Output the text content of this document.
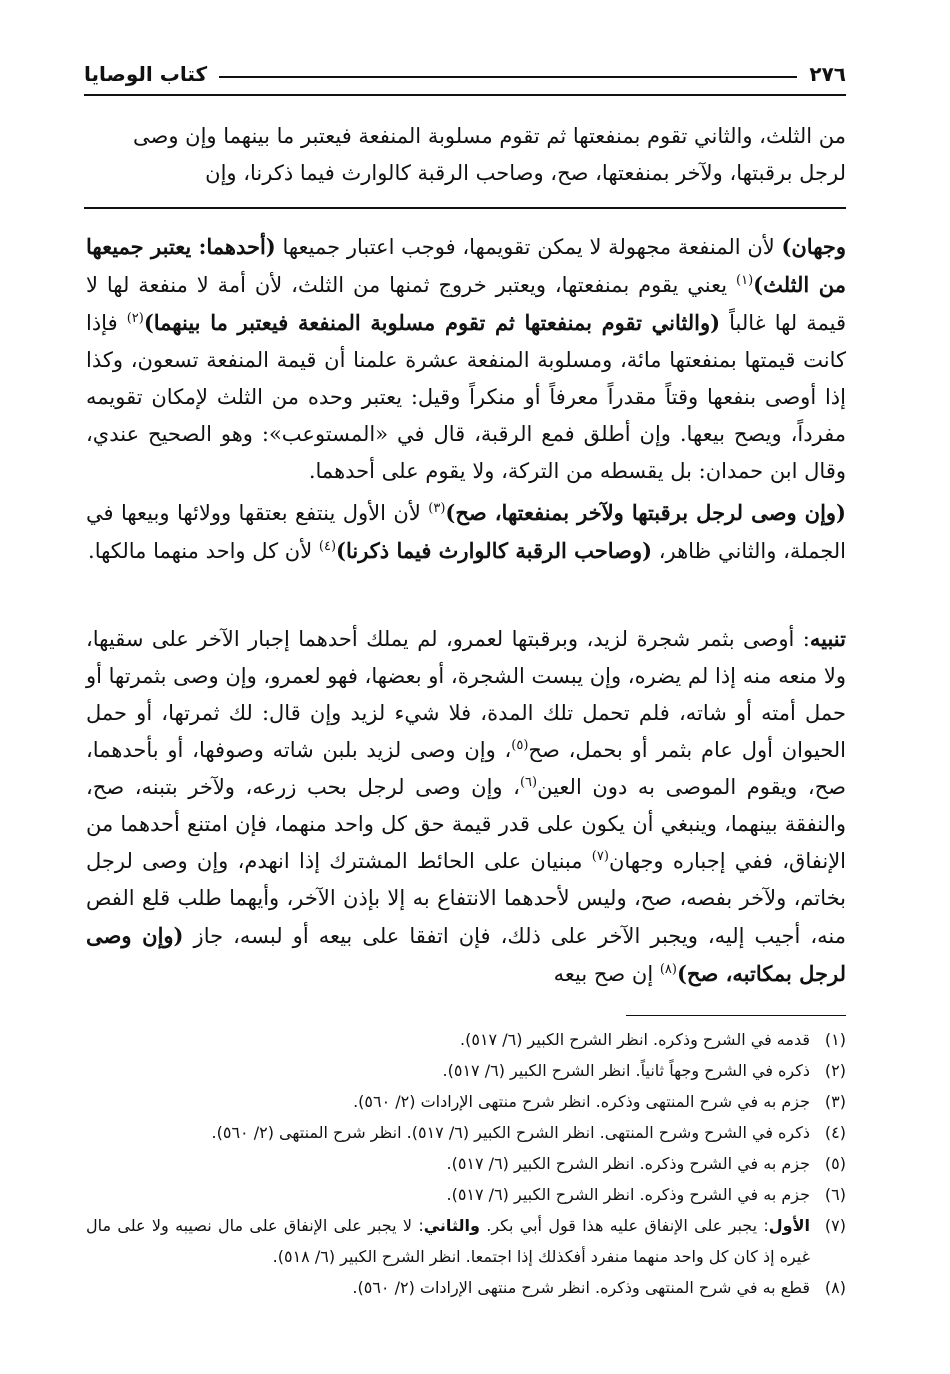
٢٧٦
كتاب الوصايا

من الثلث، والثاني تقوم بمنفعتها ثم تقوم مسلوبة المنفعة فيعتبر ما بينهما وإن وصى

لرجل برقبتها، ولآخر بمنفعتها، صح، وصاحب الرقبة كالوارث فيما ذكرنا، وإن

وجهان) لأن المنفعة مجهولة لا يمكن تقويمها، فوجب اعتبار جميعها (أحدهما: يعتبر جميعها من الثلث)$^{(١)}$ يعني يقوم بمنفعتها، ويعتبر خروج ثمنها من الثلث، لأن أمة لا منفعة لها لا قيمة لها غالباً (والثاني تقوم بمنفعتها ثم تقوم مسلوبة المنفعة فيعتبر ما بينهما)$^{(٢)}$ فإذا كانت قيمتها بمنفعتها مائة، ومسلوبة المنفعة عشرة علمنا أن قيمة المنفعة تسعون، وكذا إذا أوصى بنفعها وقتاً مقدراً معرفاً أو منكراً وقيل: يعتبر وحده من الثلث لإمكان تقويمه مفرداً، ويصح بيعها. وإن أطلق فمع الرقبة، قال في «المستوعب»: وهو الصحيح عندي، وقال ابن حمدان: بل يقسطه من التركة، ولا يقوم على أحدهما.

(وإن وصى لرجل برقبتها ولآخر بمنفعتها، صح)$^{(٣)}$ لأن الأول ينتفع بعتقها وولائها وبيعها في الجملة، والثاني ظاهر، (وصاحب الرقبة كالوارث فيما ذكرنا)$^{(٤)}$ لأن كل واحد منهما مالكها.

تنبيه: أوصى بثمر شجرة لزيد، وبرقبتها لعمرو، لم يملك أحدهما إجبار الآخر على سقيها، ولا منعه منه إذا لم يضره، وإن يبست الشجرة، أو بعضها، فهو لعمرو، وإن وصى بثمرتها أو حمل أمته أو شاته، فلم تحمل تلك المدة، فلا شيء لزيد وإن قال: لك ثمرتها، أو حمل الحيوان أول عام بثمر أو بحمل، صح$^{(٥)}$، وإن وصى لزيد بلبن شاته وصوفها، أو بأحدهما، صح، ويقوم الموصى به دون العين$^{(٦)}$، وإن وصى لرجل بحب زرعه، ولآخر بتبنه، صح، والنفقة بينهما، وينبغي أن يكون على قدر قيمة حق كل واحد منهما، فإن امتنع أحدهما من الإنفاق، ففي إجباره وجهان$^{(٧)}$ مبنيان على الحائط المشترك إذا انهدم، وإن وصى لرجل بخاتم، ولآخر بفصه، صح، وليس لأحدهما الانتفاع به إلا بإذن الآخر، وأيهما طلب قلع الفص منه، أجيب إليه، ويجبر الآخر على ذلك، فإن اتفقا على بيعه أو لبسه، جاز (وإن وصى لرجل بمكاتبه، صح)$^{(٨)}$ إن صح بيعه

(١)
قدمه في الشرح وذكره. انظر الشرح الكبير (٦/ ٥١٧).
(٢)
ذكره في الشرح وجهاً ثانياً. انظر الشرح الكبير (٦/ ٥١٧).
(٣)
جزم به في شرح المنتهى وذكره. انظر شرح منتهى الإرادات (٢/ ٥٦٠).
(٤)
ذكره في الشرح وشرح المنتهى. انظر الشرح الكبير (٦/ ٥١٧). انظر شرح المنتهى (٢/ ٥٦٠).
(٥)
جزم به في الشرح وذكره. انظر الشرح الكبير (٦/ ٥١٧).
(٦)
جزم به في الشرح وذكره. انظر الشرح الكبير (٦/ ٥١٧).
(٧)
الأول: يجبر على الإنفاق عليه هذا قول أبي بكر. والثاني: لا يجبر على الإنفاق على مال نصيبه ولا على مال غيره إذ كان كل واحد منهما منفرد أفكذلك إذا اجتمعا. انظر الشرح الكبير (٦/ ٥١٨).
(٨)
قطع به في شرح المنتهى وذكره. انظر شرح منتهى الإرادات (٢/ ٥٦٠).
